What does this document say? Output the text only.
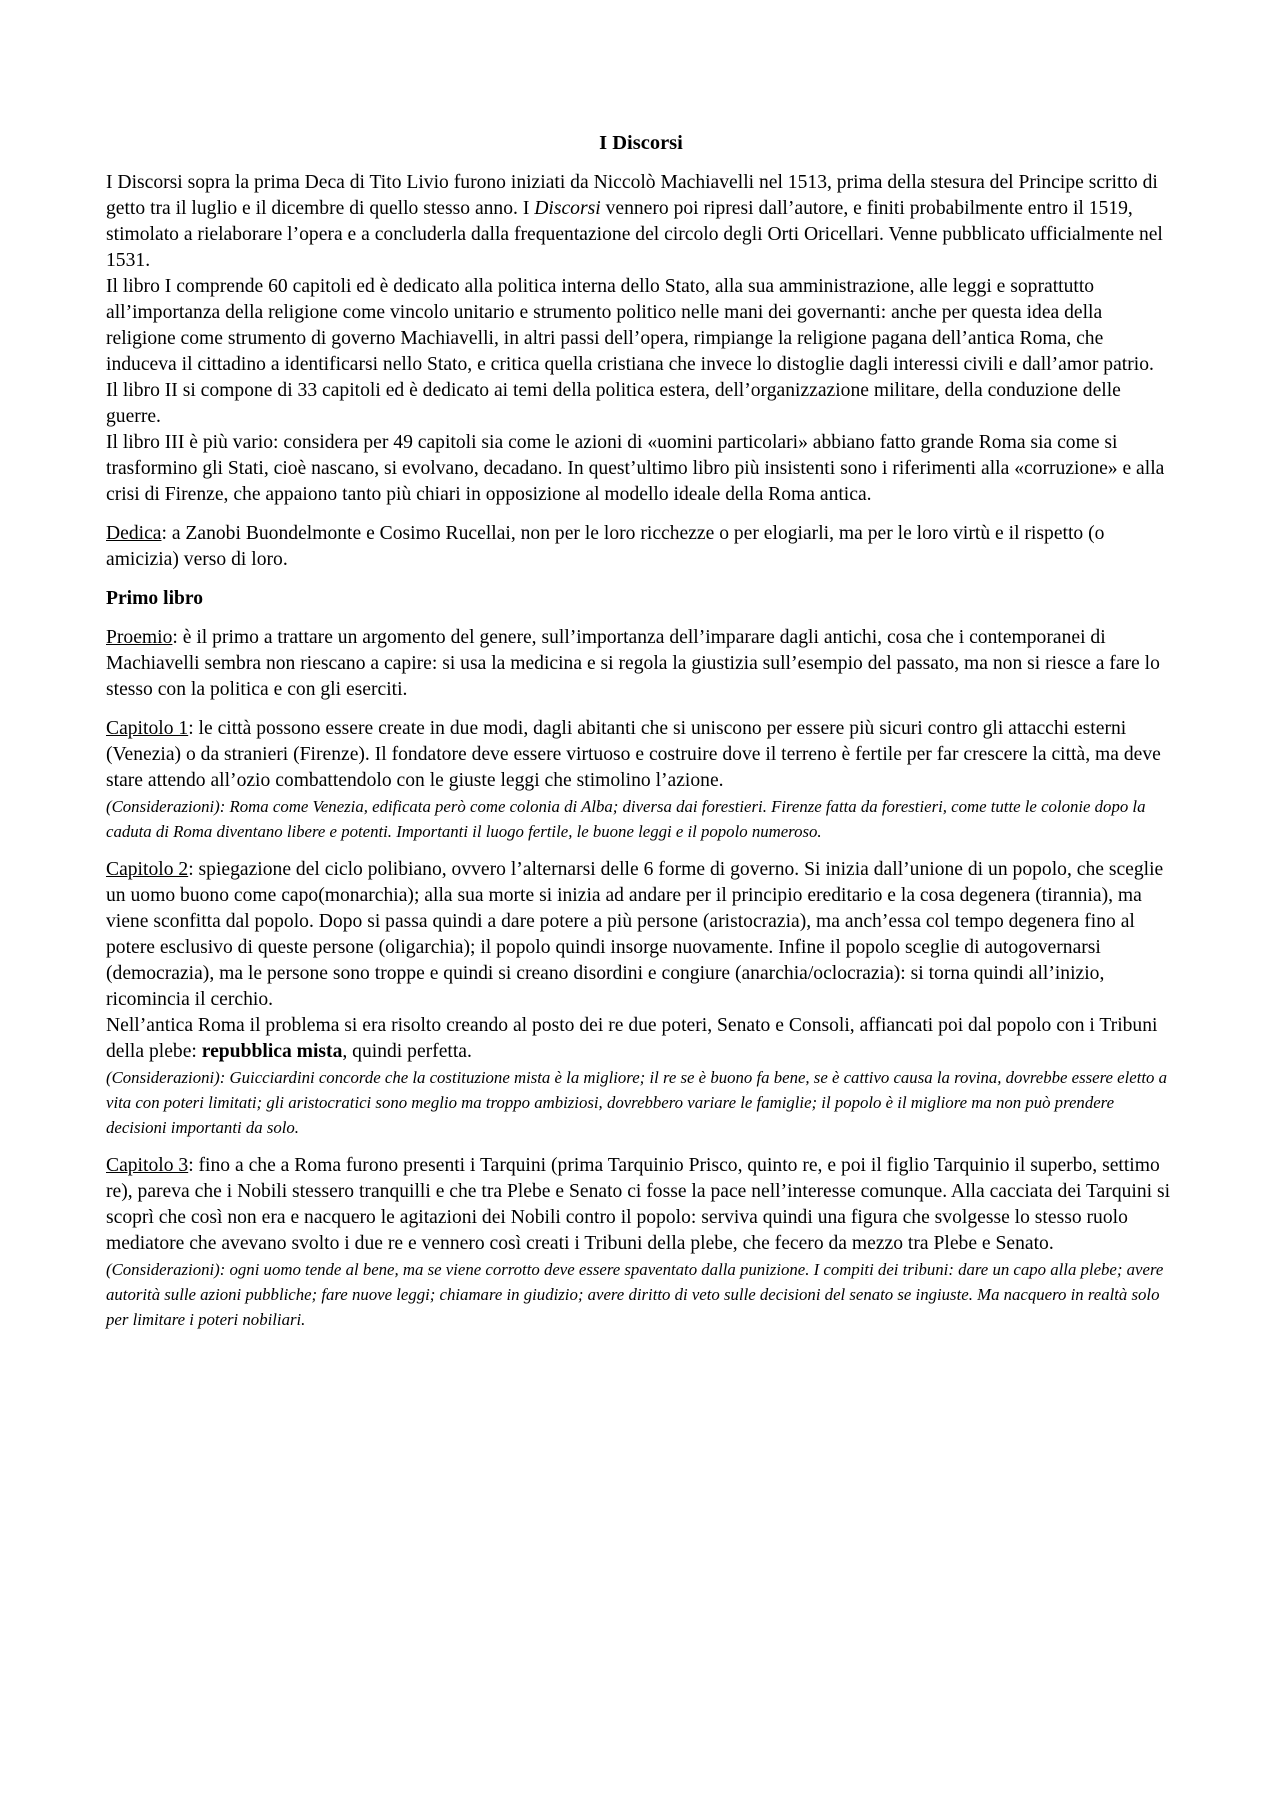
I Discorsi
I Discorsi sopra la prima Deca di Tito Livio furono iniziati da Niccolò Machiavelli nel 1513, prima della stesura del Principe scritto di getto tra il luglio e il dicembre di quello stesso anno. I Discorsi vennero poi ripresi dall’autore, e finiti probabilmente entro il 1519, stimolato a rielaborare l’opera e a concluderla dalla frequentazione del circolo degli Orti Oricellari. Venne pubblicato ufficialmente nel 1531.
Il libro I comprende 60 capitoli ed è dedicato alla politica interna dello Stato, alla sua amministrazione, alle leggi e soprattutto all’importanza della religione come vincolo unitario e strumento politico nelle mani dei governanti: anche per questa idea della religione come strumento di governo Machiavelli, in altri passi dell’opera, rimpiange la religione pagana dell’antica Roma, che induceva il cittadino a identificarsi nello Stato, e critica quella cristiana che invece lo distoglie dagli interessi civili e dall’amor patrio.
Il libro II si compone di 33 capitoli ed è dedicato ai temi della politica estera, dell’organizzazione militare, della conduzione delle guerre.
Il libro III è più vario: considera per 49 capitoli sia come le azioni di «uomini particolari» abbiano fatto grande Roma sia come si trasformino gli Stati, cioè nascano, si evolvano, decadano. In quest’ultimo libro più insistenti sono i riferimenti alla «corruzione» e alla crisi di Firenze, che appaiono tanto più chiari in opposizione al modello ideale della Roma antica.
Dedica: a Zanobi Buondelmonte e Cosimo Rucellai, non per le loro ricchezze o per elogiarli, ma per le loro virtù e il rispetto (o amicizia) verso di loro.
Primo libro
Proemio: è il primo a trattare un argomento del genere, sull’importanza dell’imparare dagli antichi, cosa che i contemporanei di Machiavelli sembra non riescano a capire: si usa la medicina e si regola la giustizia sull’esempio del passato, ma non si riesce a fare lo stesso con la politica e con gli eserciti.
Capitolo 1: le città possono essere create in due modi, dagli abitanti che si uniscono per essere più sicuri contro gli attacchi esterni (Venezia) o da stranieri (Firenze). Il fondatore deve essere virtuoso e costruire dove il terreno è fertile per far crescere la città, ma deve stare attendo all’ozio combattendolo con le giuste leggi che stimolino l’azione.
(Considerazioni): Roma come Venezia, edificata però come colonia di Alba; diversa dai forestieri. Firenze fatta da forestieri, come tutte le colonie dopo la caduta di Roma diventano libere e potenti. Importanti il luogo fertile, le buone leggi e il popolo numeroso.
Capitolo 2: spiegazione del ciclo polibiano, ovvero l’alternarsi delle 6 forme di governo. Si inizia dall’unione di un popolo, che sceglie un uomo buono come capo(monarchia); alla sua morte si inizia ad andare per il principio ereditario e la cosa degenera (tirannia), ma viene sconfitta dal popolo. Dopo si passa quindi a dare potere a più persone (aristocrazia), ma anch’essa col tempo degenera fino al potere esclusivo di queste persone (oligarchia); il popolo quindi insorge nuovamente. Infine il popolo sceglie di autogovernarsi (democrazia), ma le persone sono troppe e quindi si creano disordini e congiure (anarchia/oclocrazia): si torna quindi all’inizio, ricomincia il cerchio.
Nell’antica Roma il problema si era risolto creando al posto dei re due poteri, Senato e Consoli, affiancati poi dal popolo con i Tribuni della plebe: repubblica mista, quindi perfetta.
(Considerazioni): Guicciardini concorde che la costituzione mista è la migliore; il re se è buono fa bene, se è cattivo causa la rovina, dovrebbe essere eletto a vita con poteri limitati; gli aristocratici sono meglio ma troppo ambiziosi, dovrebbero variare le famiglie; il popolo è il migliore ma non può prendere decisioni importanti da solo.
Capitolo 3: fino a che a Roma furono presenti i Tarquini (prima Tarquinio Prisco, quinto re, e poi il figlio Tarquinio il superbo, settimo re), pareva che i Nobili stessero tranquilli e che tra Plebe e Senato ci fosse la pace nell’interesse comunque. Alla cacciata dei Tarquini si scoprì che così non era e nacquero le agitazioni dei Nobili contro il popolo: serviva quindi una figura che svolgesse lo stesso ruolo mediatore che avevano svolto i due re e vennero così creati i Tribuni della plebe, che fecero da mezzo tra Plebe e Senato.
(Considerazioni): ogni uomo tende al bene, ma se viene corrotto deve essere spaventato dalla punizione. I compiti dei tribuni: dare un capo alla plebe; avere autorità sulle azioni pubbliche; fare nuove leggi; chiamare in giudizio; avere diritto di veto sulle decisioni del senato se ingiuste. Ma nacquero in realtà solo per limitare i poteri nobiliari.
